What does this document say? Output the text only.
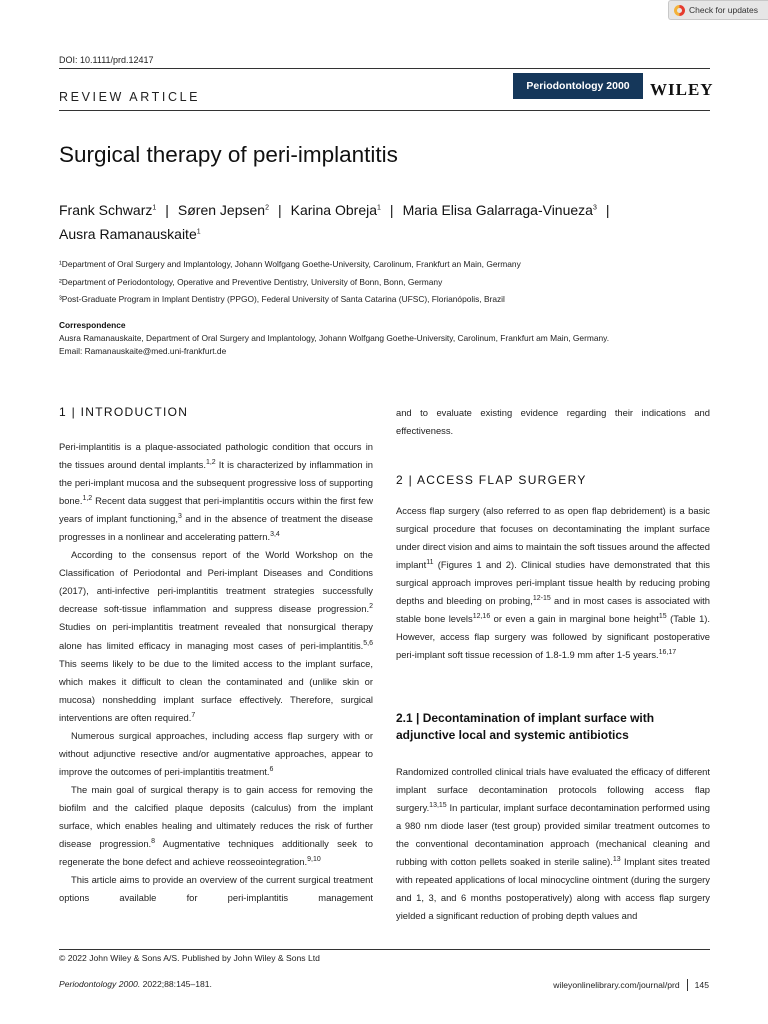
Check for updates
DOI: 10.1111/prd.12417
Periodontology 2000	WILEY
REVIEW ARTICLE
Surgical therapy of peri-implantitis
Frank Schwarz$^1$ | Søren Jepsen$^2$ | Karina Obreja$^1$ | Maria Elisa Galarraga-Vinueza$^3$ |
Ausra Ramanauskaite$^1$
¹Department of Oral Surgery and Implantology, Johann Wolfgang Goethe-University, Carolinum, Frankfurt an Main, Germany
²Department of Periodontology, Operative and Preventive Dentistry, University of Bonn, Bonn, Germany
³Post-Graduate Program in Implant Dentistry (PPGO), Federal University of Santa Catarina (UFSC), Florianópolis, Brazil
Correspondence
Ausra Ramanauskaite, Department of Oral Surgery and Implantology, Johann Wolfgang Goethe-University, Carolinum, Frankfurt am Main, Germany.
Email: Ramanauskaite@med.uni-frankfurt.de
1 | INTRODUCTION

Peri-implantitis is a plaque-associated pathologic condition that occurs in the tissues around dental implants.$^{1,2}$ It is characterized by inflammation in the peri-implant mucosa and the subsequent progressive loss of supporting bone.$^{1,2}$ Recent data suggest that peri-implantitis occurs within the first few years of implant functioning,$^3$ and in the absence of treatment the disease progresses in a nonlinear and accelerating pattern.$^{3,4}$

According to the consensus report of the World Workshop on the Classification of Periodontal and Peri-implant Diseases and Conditions (2017), anti-infective peri-implantitis treatment strategies successfully decrease soft-tissue inflammation and suppress disease progression.$^2$ Studies on peri-implantitis treatment revealed that nonsurgical therapy alone has limited efficacy in managing most cases of peri-implantitis.$^{5,6}$ This seems likely to be due to the limited access to the implant surface, which makes it difficult to clean the contaminated and (unlike skin or mucosa) nonshedding implant surface effectively. Therefore, surgical interventions are often required.$^7$

Numerous surgical approaches, including access flap surgery with or without adjunctive resective and/or augmentative approaches, appear to improve the outcomes of peri-implantitis treatment.$^6$

The main goal of surgical therapy is to gain access for removing the biofilm and the calcified plaque deposits (calculus) from the implant surface, which enables healing and ultimately reduces the risk of further disease progression.$^8$ Augmentative techniques additionally seek to regenerate the bone defect and achieve reosseointegration.$^{9,10}$

This article aims to provide an overview of the current surgical treatment options available for peri-implantitis management

and to evaluate existing evidence regarding their indications and effectiveness.

2 | ACCESS FLAP SURGERY

Access flap surgery (also referred to as open flap debridement) is a basic surgical procedure that focuses on decontaminating the implant surface under direct vision and aims to maintain the soft tissues around the affected implant$^{11}$ (Figures 1 and 2). Clinical studies have demonstrated that this surgical approach improves peri-implant tissue health by reducing probing depths and bleeding on probing,$^{12-15}$ and in most cases is associated with stable bone levels$^{12,16}$ or even a gain in marginal bone height$^{15}$ (Table 1). However, access flap surgery was followed by significant postoperative peri-implant soft tissue recession of 1.8-1.9 mm after 1-5 years.$^{16,17}$

2.1 | Decontamination of implant surface with adjunctive local and systemic antibiotics

Randomized controlled clinical trials have evaluated the efficacy of different implant surface decontamination protocols following access flap surgery.$^{13,15}$ In particular, implant surface decontamination performed using a 980 nm diode laser (test group) provided similar treatment outcomes to the conventional decontamination approach (mechanical cleaning and rubbing with cotton pellets soaked in sterile saline).$^{13}$ Implant sites treated with repeated applications of local minocycline ointment (during the surgery and 1, 3, and 6 months postoperatively) along with access flap surgery yielded a significant reduction of probing depth values and

© 2022 John Wiley & Sons A/S. Published by John Wiley & Sons Ltd
Periodontology 2000. 2022;88:145–181.	wileyonlinelibrary.com/journal/prd 145
